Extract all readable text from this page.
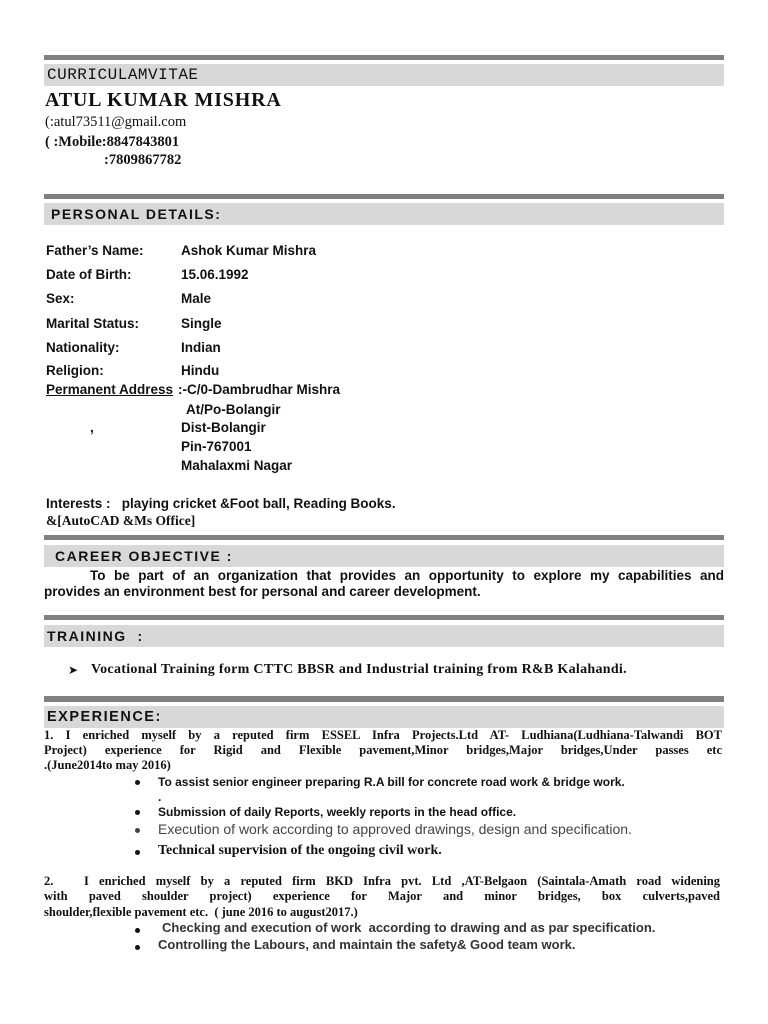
CURRICULAMVITAE
ATUL KUMAR MISHRA
(:atul73511@gmail.com
( :Mobile:8847843801
:7809867782
PERSONAL DETAILS:
Father’s Name:	Ashok Kumar Mishra
Date of Birth:	15.06.1992
Sex:	Male
Marital Status:	Single
Nationality:	Indian
Religion:	Hindu
Permanent Address :-C/0-Dambrudhar Mishra
At/Po-Bolangir
,	Dist-Bolangir
Pin-767001
Mahalaxmi Nagar
Interests :   playing cricket &Foot ball, Reading Books.
&[AutoCAD &Ms Office]
CAREER OBJECTIVE :
To be part of an organization that provides an opportunity to explore my capabilities and
provides an environment best for personal and career development.
TRAINING  :
➤ Vocational Training form CTTC BBSR and Industrial training from R&B Kalahandi.
EXPERIENCE:
1. I enriched myself by a reputed firm ESSEL Infra Projects.Ltd AT- Ludhiana(Ludhiana-Talwandi BOT
Project) experience for Rigid and Flexible pavement,Minor bridges,Major bridges,Under passes etc
.(June2014to may 2016)
To assist senior engineer preparing R.A bill for concrete road work & bridge work.
.
Submission of daily Reports, weekly reports in the head office.
Execution of work according to approved drawings, design and specification.
Technical supervision of the ongoing civil work.
2.   I enriched myself by a reputed firm BKD Infra pvt. Ltd ,AT-Belgaon (Saintala-Amath road widening
with paved shoulder project) experience for Major and minor bridges, box culverts,paved
shoulder,flexible pavement etc.  ( june 2016 to august2017.)
Checking and execution of work  according to drawing and as par specification.
Controlling the Labours, and maintain the safety& Good team work.
